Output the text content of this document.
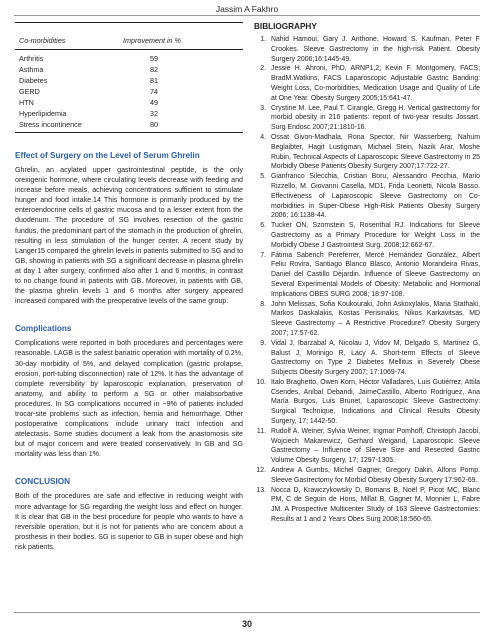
Jassim A Fakhro
Co-morbidities	Improvement in %
Arthritis	59
Asthma	82
Diabetes	81
GERD	74
HTN	49
Hyperlipidemia	32
Stress incontinence	80
Effect of Surgery on the Level of Serum Ghrelin

Ghrelin, an acylated upper gastrointestinal peptide, is the only orexigenic hormone, where circulating levels decrease with feeding and increase before meals, achieving concentrations sufficient to stimulate hunger and food intake.14 This hormone is primarily produced by the enteroendocrine cells of gastric mucosa and to a lesser extent from the duodenum. The procedure of SG involves resection of the gastric fundus, the predominant part of the stomach in the production of ghrelin, resulting in less stimulation of the hunger center. A recent study by Langer15 compared the ghrelin levels in patients submitted to SG and to GB, showing in patients with SG a significant decrease in plasma ghrelin at day 1 after surgery, confirmed also after 1 and 6 months, in contrast to no change found in patients with GB. Moreover, in patients with GB, the plasma ghrelin levels 1 and 6 months after surgery appeared increased compared with the preoperative levels of the same group.

Complications

Complications were reported in both procedures and percentages were reasonable. LAGB is the safest bariatric operation with mortality of 0.2%, 30-day morbidity of 5%, and delayed complication (gastric prolapse, erosion, port-tubing disconnection) rate of 12%. It has the advantage of complete reversibility by laparoscopic explanation, preservation of anatomy, and ability to perform a SG or other malabsorbative procedures. In SG complications occurred in ~9% of patients included trocar-site problems such as infection, hernia and hemorrhage. Other postoperative complications include urinary tract infection and atelectasis. Some studies document a leak from the anastomosis site but of major concern and were treated conservatively. In GB and SG mortality was less than 1%.

CONCLUSION

Both of the procedures are safe and effective in reducing weight with more advantage for SG regarding the weight loss and effect on hunger. It is clear that GB in the best procedure for people who wants to have a reversible operation, but it is not for patients who are concern about a prosthesis in their bodies. SG is superior to GB in super obese and high risk patients.

BIBLIOGRAPHY
1. Nahid Hamoui, Gary J. Anthone, Howard S. Kaufman, Peter F Crookes. Sleeve Gastrectomy in the high-risk Patient. Obesity Surgery 2006;16:1445-49.
2. Jessie H. Ahroni, PhD, ARNP1,2; Kevin F. Montgomery, FACS; BradM.Watkins, FACS Laparoscopic Adjustable Gastric Banding: Weight Loss, Co-morbidities, Medication Usage and Quality of Life at One Year. Obesity Surgery 2005;15:641-47.
3. Crystine M. Lee, Paul T. Cirangle, Gregg H. Vertical gastrectomy for morbid obesity in 216 patients: report of two-year results Jossart. Surg Endosc 2007;21:1810-16.
4. Ossat Givon-Madhala, Rona Spector, Nir Wasserberg, Nahum Beglaibter, Hagit Lustigman, Michael Stein, Nazik Arar, Moshe Rubin, Technical Aspects of Laparoscopic Sleeve Gastrectomy in 25 Morbidly Obese Patients Obesity Surgery 2007;17:722-27.
5. Gianfranco Silecchia, Cristian Boru, Alessandro Pecchia, Mario Rizzello, M. Giovanni Casella, MD1, Frida Leonetti, Nicola Basso. Effectiveness of Laparoscopic Sleeve Gastrectomy on Co-morbidities in Super-Obese High-Risk Patients Obesity Surgery 2006; 16:1138-44.
6. Tucker ON, Szomstein S, Rosenthal RJ. Indications for Sleeve Gastrectomy as a Primary Procedure for Weight Loss in the Morbidly Obese J Gastrointest Surg. 2008;12:662-67.
7. Fátima Sabench Pereferrer, Mercè Hernández González, Albert Feliu Rovira, Santiago Blanco Blasco, Antonio Morandeira Rivas, Daniel del Castillo Déjardin. Influence of Sleeve Gastrectomy on Several Experimental Models of Obesity: Metabolic and Hormonal Implications OBES SURG 2008; 18:97-108.
8. John Melissas, Sofia Koukouraki, John Askoxylakis, Maria Stathaki, Markos Daskalakis, Kostas Perisinakis, Nikos Karkavitsas. MD Sleeve Gastrectomy – A Restrictive Procedure? Obesity Surgery 2007; 17:57-62.
9. Vidal J, Ibarzabal A, Nicolau J, Vidov M, Delgado S, Martinez G, Balust J, Morinigo R, Lacy A. Short-term Effects of Sleeve Gastrectomy on Type 2 Diabetes Mellitus in Severely Obese Subjects Obesity Surgery 2007; 17:1069-74.
10. Italo Braghetto, Owen Korn, Héctor Valladares, Luis Gutiérrez, Attila Csendes, Aníbal Debandi, JaimeCastillo, Alberto Rodríguez, Ana María Burgos, Luis Brunet, Laparoscopic Sleeve Gastrectomy: Surgical Technique, Indications and Clinical Results Obesity Surgery, 17; 1442-50.
11. Rudolf A. Weiner, Sylvia Weiner, Ingmar Pomhoff, Christoph Jacobi, Wojciech Makarewicz, Gerhard Weigand, Laparoscopic Sleeve Gastrectomy – Influence of Sleeve Size and Resected Gastric Volume Obesity Surgery, 17; 1297-1305.
12. Andrew A Gumbs, Michel Gagner, Gregory Dakin, Alfons Pomp. Sleeve Gastrectomy for Morbid Obesity Obesity Surgery 17:962-69.
13. Nocca D, Krawczykowsky D, Bomans B, Noël P, Picot MC, Blanc PM, C de Seguin de Hons, Millat B, Gagner M, Monnier L, Fabre JM. A Prospective Multicenter Study of 163 Sleeve Gastrectomies: Results at 1 and 2 Years Obes Surg 2008;18:560-65.
30
